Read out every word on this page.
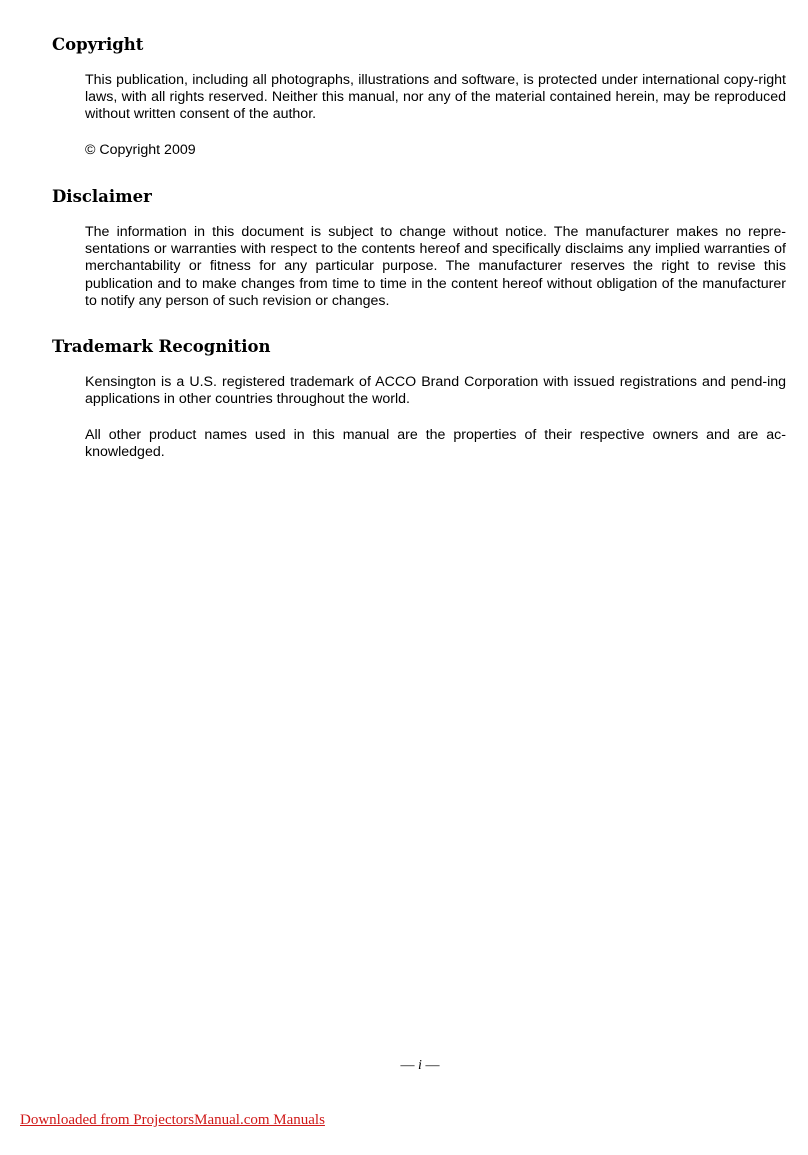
Copyright

This publication, including all photographs, illustrations and software, is protected under international copy-right laws, with all rights reserved. Neither this manual, nor any of the material contained herein, may be reproduced without written consent of the author.

© Copyright 2009

Disclaimer

The information in this document is subject to change without notice. The manufacturer makes no repre-sentations or warranties with respect to the contents hereof and specifically disclaims any implied warranties of merchantability or fitness for any particular purpose. The manufacturer reserves the right to revise this publication and to make changes from time to time in the content hereof without obligation of the manufacturer to notify any person of such revision or changes.

Trademark Recognition

Kensington is a U.S. registered trademark of ACCO Brand Corporation with issued registrations and pend-ing applications in other countries throughout the world.

All other product names used in this manual are the properties of their respective owners and are ac-knowledged.

— i —
Downloaded from ProjectorsManual.com Manuals
